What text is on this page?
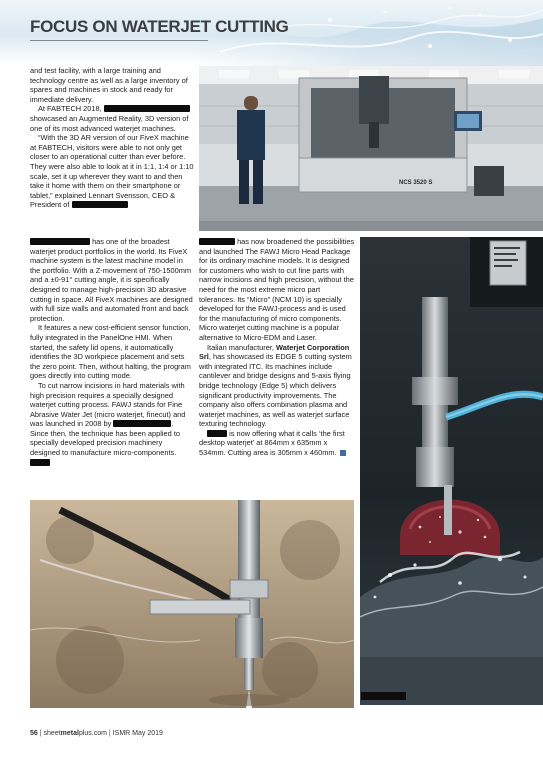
FOCUS ON WATERJET CUTTING

and test facility, with a large training and technology centre as well as a large inventory of spares and machines in stock and ready for immediate delivery.

At FABTECH 2018,  showcased an Augmented Reality, 3D version of one of its most advanced waterjet machines.

“With the 3D AR version of our FiveX machine at FABTECH, visitors were able to not only get closer to an operational cutter than ever before. They were also able to look at it in 1:1, 1:4 or 1:10 scale, set it up wherever they want to and then take it home with them on their smartphone or tablet,” explained Lennart Svensson, CEO & President of

has one of the broadest waterjet product portfolios in the world. Its FiveX machine system is the latest machine model in the portfolio. With a Z-movement of 750-1500mm and a ±0-91° cutting angle, it is specifically designed to manage high-precision 3D abrasive cutting in space. All FiveX machines are designed with full size walls and automated front and back protection.

It features a new cost-efficient sensor function, fully integrated in the PanelOne HMI. When started, the safety lid opens, it automatically identifies the 3D workpiece placement and sets the zero point. Then, without halting, the program goes directly into cutting mode.

To cut narrow incisions in hard materials with high precision requires a specially designed waterjet cutting process. FAWJ stands for Fine Abrasive Water Jet (micro waterjet, finecut) and was launched in 2008 by	. Since then, the technique has been applied to specially developed precision machinery designed to manufacture micro-components.

has now broadened the possibilities and launched The FAWJ Micro Head Package for its ordinary machine models. It is designed for customers who wish to cut fine parts with narrow incisions and high precision, without the need for the most extreme micro part tolerances. Its “Micro” (NCM 10) is specially developed for the FAWJ-process and is used for the manufacturing of micro components. Micro waterjet cutting machine is a popular alternative to Micro-EDM and Laser.

Italian manufacturer, Waterjet Corporation Srl, has showcased its EDGE 5 cutting system with integrated ITC. Its machines include cantilever and bridge designs and 5-axis flying bridge technology (Edge 5) which delivers significant productivity improvements. The company also offers combination plasma and waterjet machines, as well as waterjet surface texturing technology.

is now offering what it calls ‘the first desktop waterjet’ at 864mm x 635mm x 534mm. Cutting area is 305mm x 460mm.

NCS 3520 S
56 | sheetmetalplus.com | ISMR May 2019
